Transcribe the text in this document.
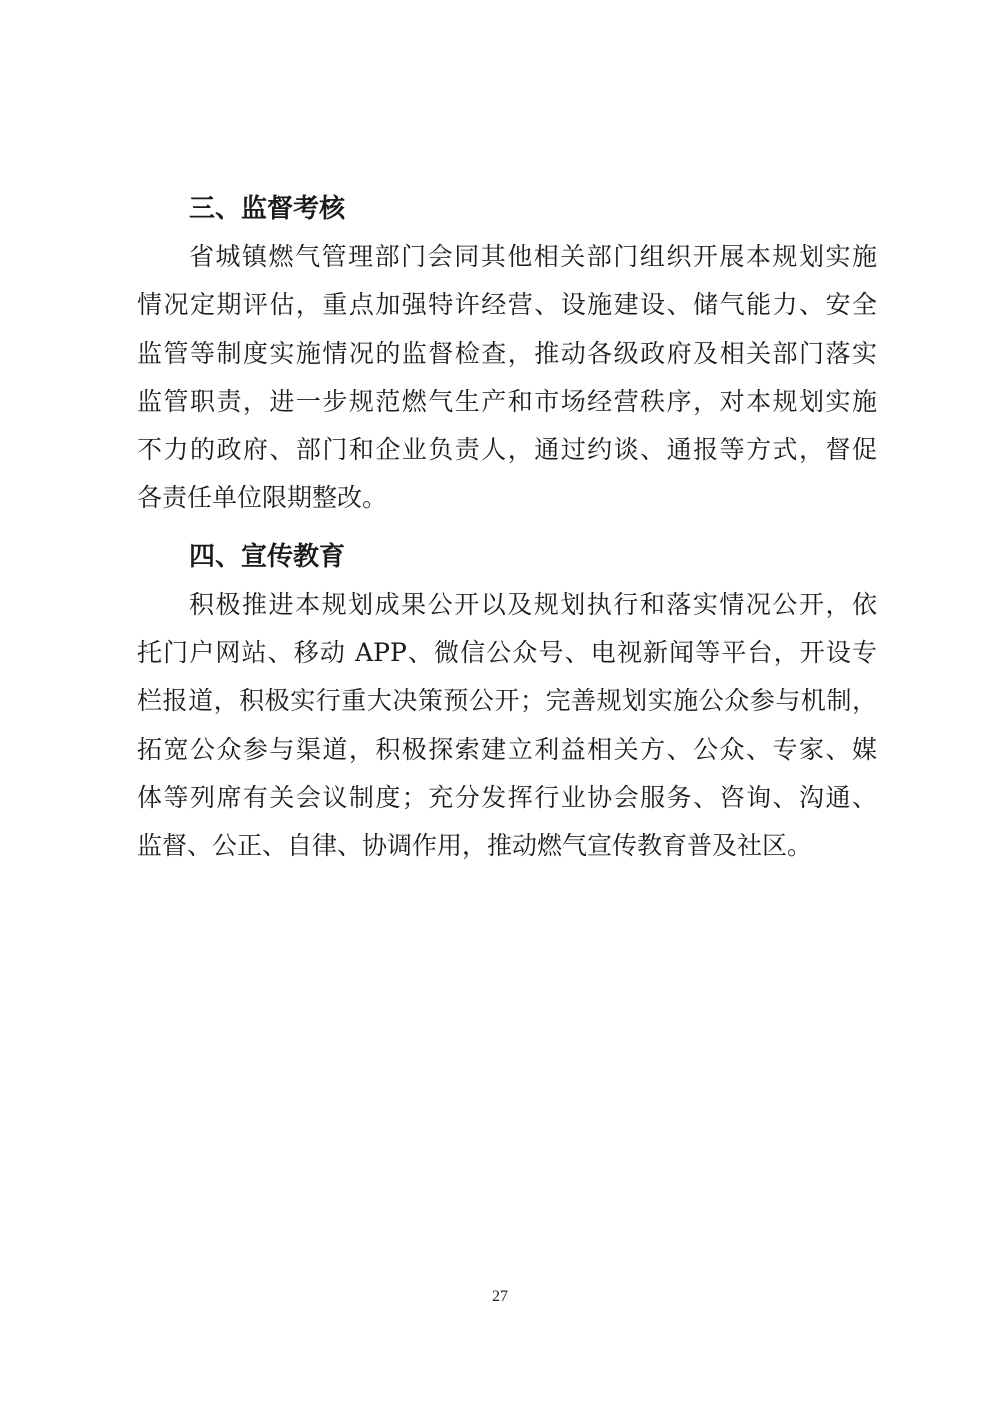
三、监督考核

省城镇燃气管理部门会同其他相关部门组织开展本规划实施
情况定期评估，重点加强特许经营、设施建设、储气能力、安全
监管等制度实施情况的监督检查，推动各级政府及相关部门落实
监管职责，进一步规范燃气生产和市场经营秩序，对本规划实施
不力的政府、部门和企业负责人，通过约谈、通报等方式，督促
各责任单位限期整改。

四、宣传教育

积极推进本规划成果公开以及规划执行和落实情况公开，依
托门户网站、移动 APP、微信公众号、电视新闻等平台，开设专
栏报道，积极实行重大决策预公开；完善规划实施公众参与机制，
拓宽公众参与渠道，积极探索建立利益相关方、公众、专家、媒
体等列席有关会议制度；充分发挥行业协会服务、咨询、沟通、
监督、公正、自律、协调作用，推动燃气宣传教育普及社区。

27
